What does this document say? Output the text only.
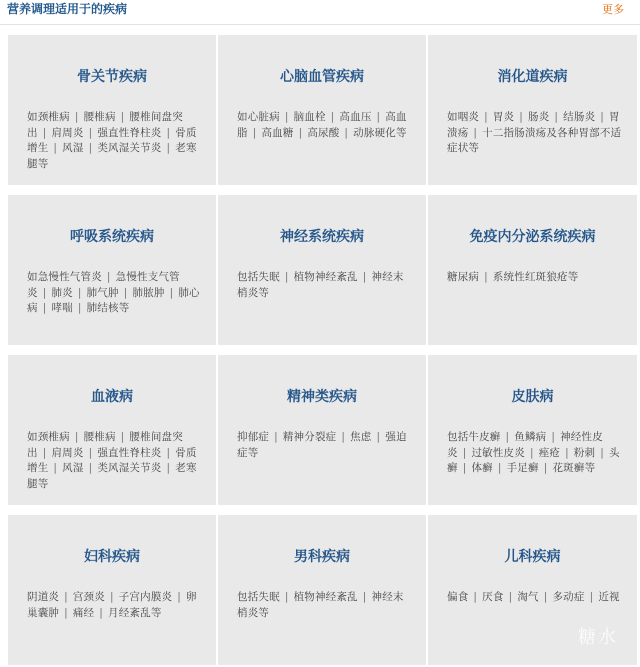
营养调理适用于的疾病	更多
骨关节疾病
如颈椎病 | 腰椎病 | 腰椎间盘突出 | 肩周炎 | 强直性脊柱炎 | 骨质增生 | 风湿 | 类风湿关节炎 | 老寒腿等
心脑血管疾病
如心脏病 | 脑血栓 | 高血压 | 高血脂 | 高血糖 | 高尿酸 | 动脉硬化等
消化道疾病
如咽炎 | 胃炎 | 肠炎 | 结肠炎 | 胃溃疡 | 十二指肠溃疡及各种胃部不适症状等
呼吸系统疾病
如急慢性气管炎 | 急慢性支气管炎 | 肺炎 | 肺气肿 | 肺脓肿 | 肺心病 | 哮喘 | 肺结核等
神经系统疾病
包括失眠 | 植物神经紊乱 | 神经末梢炎等
免疫内分泌系统疾病
糖尿病 | 系统性红斑狼疮等
血液病
如颈椎病 | 腰椎病 | 腰椎间盘突出 | 肩周炎 | 强直性脊柱炎 | 骨质增生 | 风湿 | 类风湿关节炎 | 老寒腿等
精神类疾病
抑郁症 | 精神分裂症 | 焦虑 | 强迫症等
皮肤病
包括牛皮癣 | 鱼鳞病 | 神经性皮炎 | 过敏性皮炎 | 痤疮 | 粉刺 | 头癣 | 体癣 | 手足癣 | 花斑癣等
妇科疾病
阴道炎 | 宫颈炎 | 子宫内膜炎 | 卵巢囊肿 | 痛经 | 月经紊乱等
男科疾病
包括失眠 | 植物神经紊乱 | 神经末梢炎等
儿科疾病
偏食 | 厌食 | 淘气 | 多动症 | 近视
糖水
